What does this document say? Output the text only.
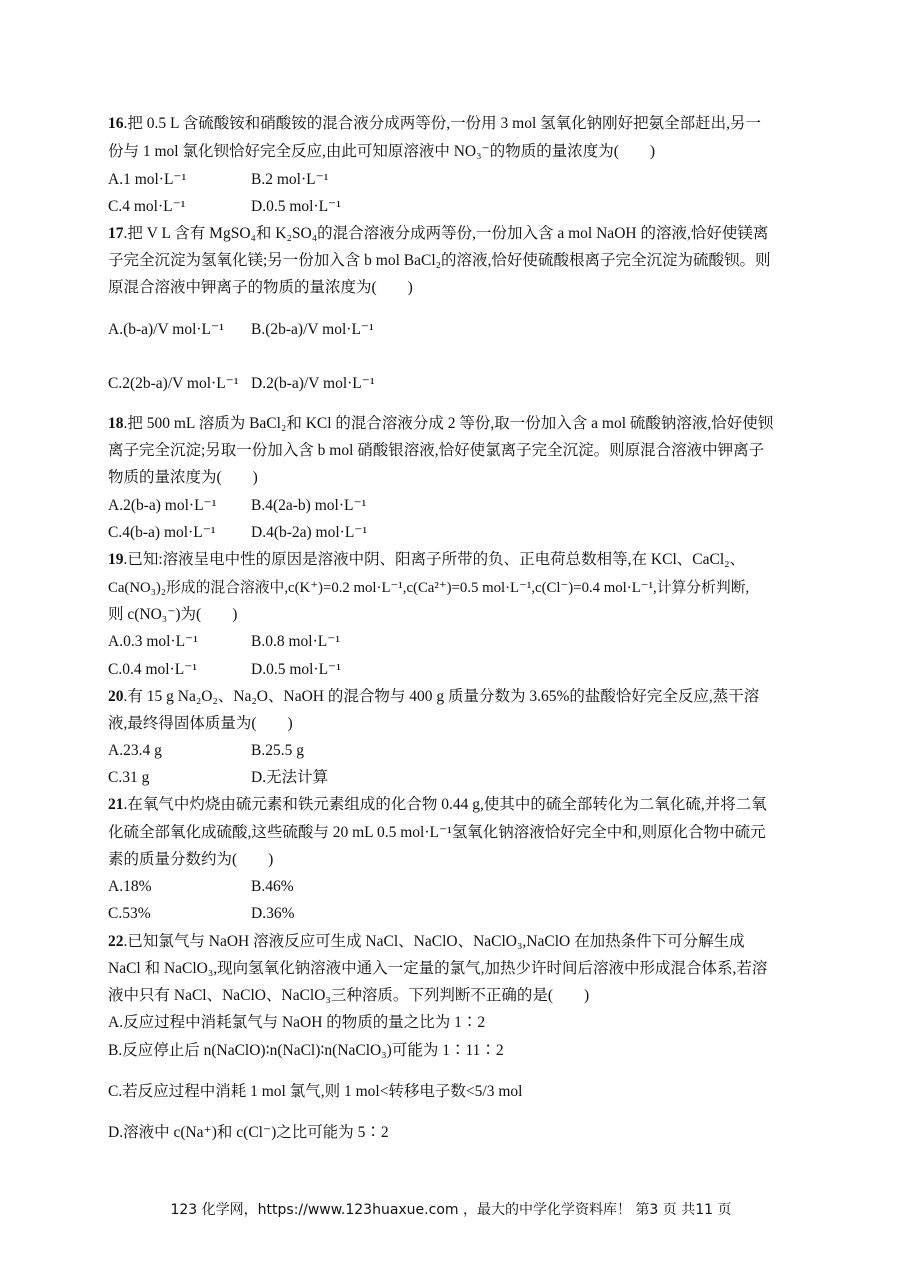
16.把 0.5 L 含硫酸铵和硝酸铵的混合液分成两等份,一份用 3 mol 氢氧化钠刚好把氨全部赶出,另一
份与 1 mol 氯化钡恰好完全反应,由此可知原溶液中 NO₃⁻的物质的量浓度为(　　)
A.1 mol·L⁻¹	B.2 mol·L⁻¹
C.4 mol·L⁻¹	D.0.5 mol·L⁻¹
17.把 V L 含有 MgSO₄和 K₂SO₄的混合溶液分成两等份,一份加入含 a mol NaOH 的溶液,恰好使镁离
子完全沉淀为氢氧化镁;另一份加入含 b mol BaCl₂的溶液,恰好使硫酸根离子完全沉淀为硫酸钡。则
原混合溶液中钾离子的物质的量浓度为(　　)
A.(b-a)/V mol·L⁻¹ B.(2b-a)/V mol·L⁻¹
C.2(2b-a)/V mol·L⁻¹ D.2(b-a)/V mol·L⁻¹
18.把 500 mL 溶质为 BaCl₂和 KCl 的混合溶液分成 2 等份,取一份加入含 a mol 硫酸钠溶液,恰好使钡
离子完全沉淀;另取一份加入含 b mol 硝酸银溶液,恰好使氯离子完全沉淀。则原混合溶液中钾离子
物质的量浓度为(　　)
A.2(b-a) mol·L⁻¹ B.4(2a-b) mol·L⁻¹
C.4(b-a) mol·L⁻¹ D.4(b-2a) mol·L⁻¹
19.已知:溶液呈电中性的原因是溶液中阴、阳离子所带的负、正电荷总数相等,在 KCl、CaCl₂、
Ca(NO₃)₂形成的混合溶液中,c(K⁺)=0.2 mol·L⁻¹,c(Ca²⁺)=0.5 mol·L⁻¹,c(Cl⁻)=0.4 mol·L⁻¹,计算分析判断,
则 c(NO₃⁻)为(　　)
A.0.3 mol·L⁻¹	B.0.8 mol·L⁻¹
C.0.4 mol·L⁻¹	D.0.5 mol·L⁻¹
20.有 15 g Na₂O₂、Na₂O、NaOH 的混合物与 400 g 质量分数为 3.65%的盐酸恰好完全反应,蒸干溶
液,最终得固体质量为(　　)
A.23.4 g	B.25.5 g
C.31 g	D.无法计算
21.在氧气中灼烧由硫元素和铁元素组成的化合物 0.44 g,使其中的硫全部转化为二氧化硫,并将二氧
化硫全部氧化成硫酸,这些硫酸与 20 mL 0.5 mol·L⁻¹氢氧化钠溶液恰好完全中和,则原化合物中硫元
素的质量分数约为(　　)
A.18%	B.46%
C.53%	D.36%
22.已知氯气与 NaOH 溶液反应可生成 NaCl、NaClO、NaClO₃,NaClO 在加热条件下可分解生成
NaCl 和 NaClO₃,现向氢氧化钠溶液中通入一定量的氯气,加热少许时间后溶液中形成混合体系,若溶
液中只有 NaCl、NaClO、NaClO₃三种溶质。下列判断不正确的是(　　)
A.反应过程中消耗氯气与 NaOH 的物质的量之比为 1∶2
B.反应停止后 n(NaClO)∶n(NaCl)∶n(NaClO₃)可能为 1∶11∶2
C.若反应过程中消耗 1 mol 氯气,则 1 mol<转移电子数<5/3 mol
D.溶液中 c(Na⁺)和 c(Cl⁻)之比可能为 5∶2
123 化学网，https://www.123huaxue.com ，最大的中学化学资料库！ 第3 页 共11 页
